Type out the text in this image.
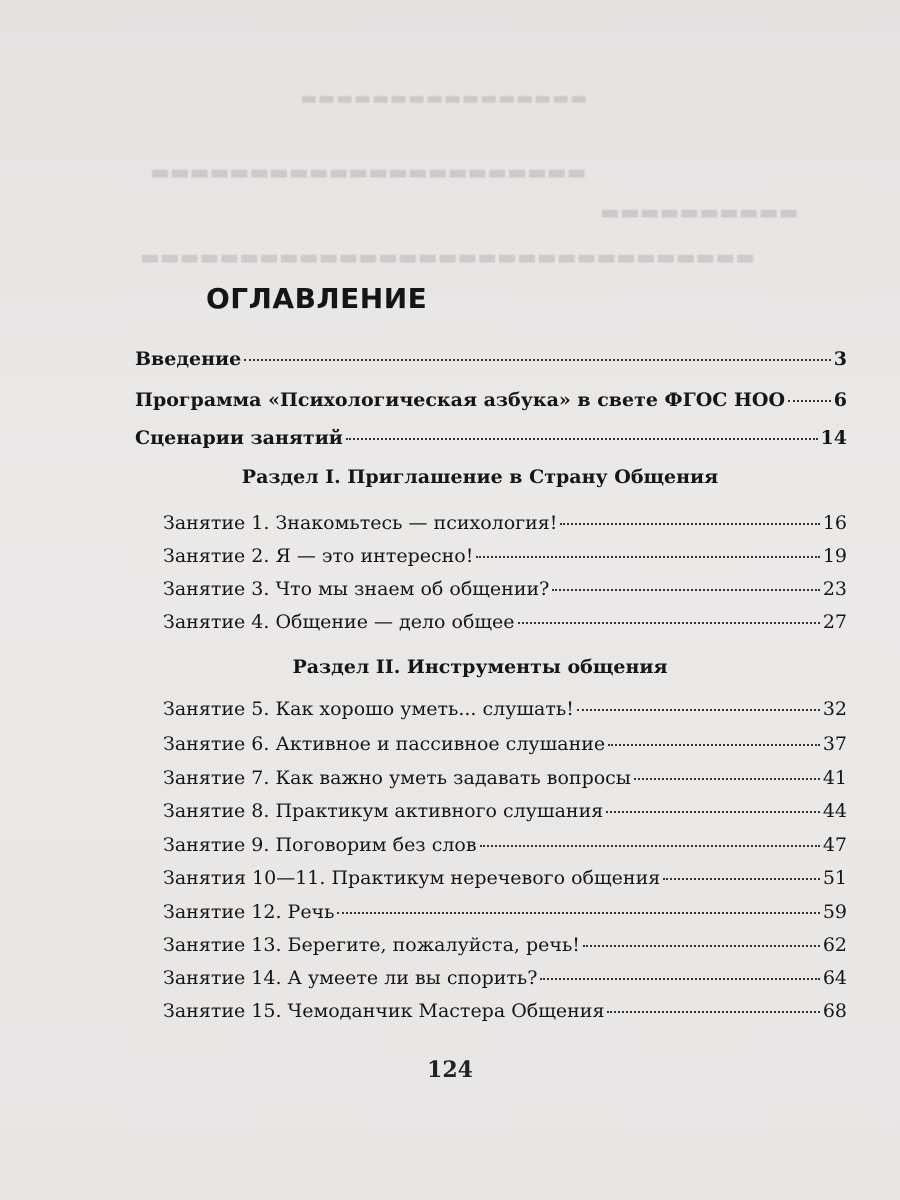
▬▬▬▬▬▬▬▬▬▬▬▬▬▬▬▬
▬▬▬▬▬▬▬▬▬▬▬▬▬▬▬▬▬▬▬▬▬▬
▬▬▬▬▬▬▬▬▬▬
▬▬▬▬▬▬▬▬▬▬▬▬▬▬▬▬▬▬▬▬▬▬▬▬▬▬▬▬▬▬▬
ОГЛАВЛЕНИЕ
Введение	3
Программа «Психологическая азбука» в свете ФГОС НОО	6
Сценарии занятий	14
Раздел I. Приглашение в Страну Общения
Занятие 1. Знакомьтесь — психология!	16
Занятие 2. Я — это интересно!	19
Занятие 3. Что мы знаем об общении?	23
Занятие 4. Общение — дело общее	27
Раздел II. Инструменты общения
Занятие 5. Как хорошо уметь... слушать!	32
Занятие 6. Активное и пассивное слушание	37
Занятие 7. Как важно уметь задавать вопросы	41
Занятие 8. Практикум активного слушания	44
Занятие 9. Поговорим без слов	47
Занятия 10—11. Практикум неречевого общения	51
Занятие 12. Речь	59
Занятие 13. Берегите, пожалуйста, речь!	62
Занятие 14. А умеете ли вы спорить?	64
Занятие 15. Чемоданчик Мастера Общения	68
124
